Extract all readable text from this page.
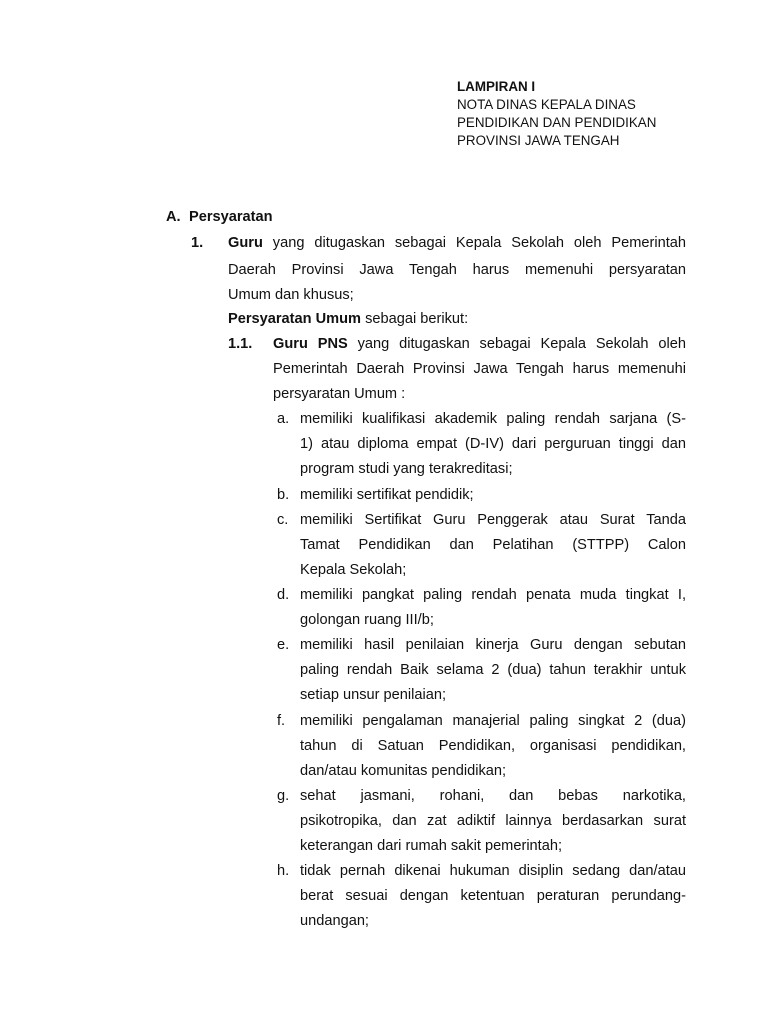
LAMPIRAN I
NOTA DINAS KEPALA DINAS
PENDIDIKAN DAN PENDIDIKAN
PROVINSI JAWA TENGAH
A. Persyaratan
1. Guru yang ditugaskan sebagai Kepala Sekolah oleh Pemerintah
Daerah Provinsi Jawa Tengah harus memenuhi persyaratan
Umum dan khusus;
Persyaratan Umum sebagai berikut:
1.1. Guru PNS yang ditugaskan sebagai Kepala Sekolah oleh
Pemerintah Daerah Provinsi Jawa Tengah harus memenuhi
persyaratan Umum :
a. memiliki kualifikasi akademik paling rendah sarjana (S-
1) atau diploma empat (D-IV) dari perguruan tinggi dan
program studi yang terakreditasi;
b. memiliki sertifikat pendidik;
c. memiliki Sertifikat Guru Penggerak atau Surat Tanda
Tamat Pendidikan dan Pelatihan (STTPP) Calon
Kepala Sekolah;
d. memiliki pangkat paling rendah penata muda tingkat I,
golongan ruang III/b;
e. memiliki hasil penilaian kinerja Guru dengan sebutan
paling rendah Baik selama 2 (dua) tahun terakhir untuk
setiap unsur penilaian;
f. memiliki pengalaman manajerial paling singkat 2 (dua)
tahun di Satuan Pendidikan, organisasi pendidikan,
dan/atau komunitas pendidikan;
g. sehat jasmani, rohani, dan bebas narkotika,
psikotropika, dan zat adiktif lainnya berdasarkan surat
keterangan dari rumah sakit pemerintah;
h. tidak pernah dikenai hukuman disiplin sedang dan/atau
berat sesuai dengan ketentuan peraturan perundang-
undangan;
